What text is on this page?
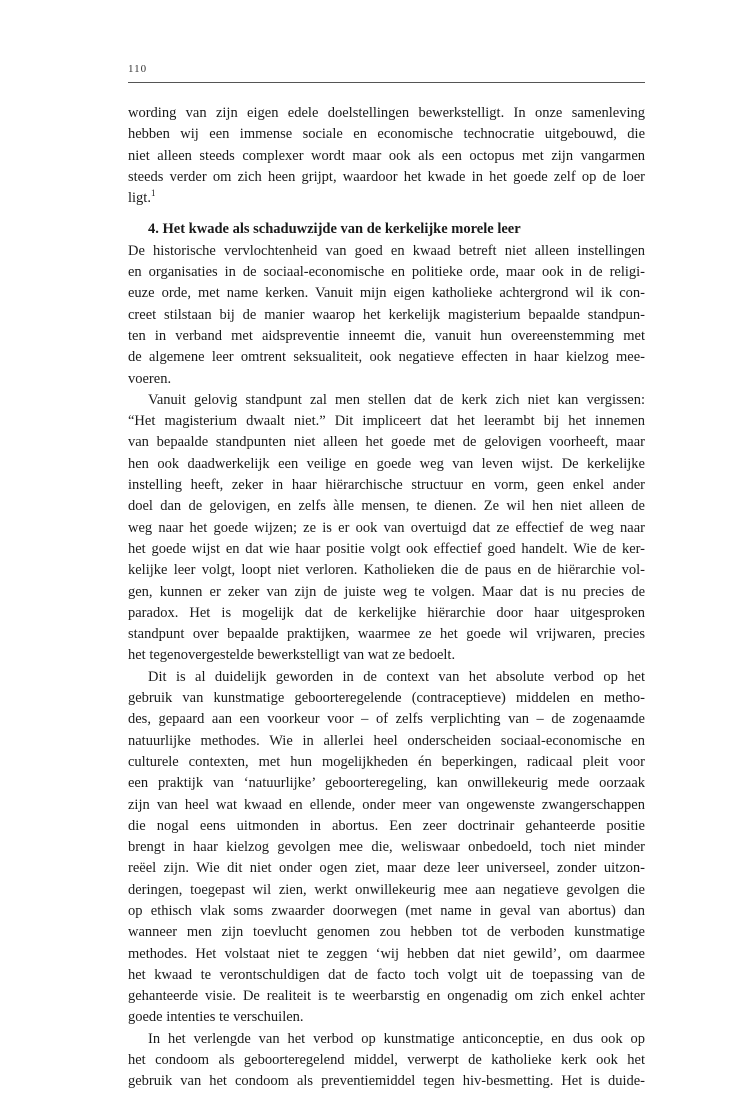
110
wording van zijn eigen edele doelstellingen bewerkstelligt. In onze samenleving
hebben wij een immense sociale en economische technocratie uitgebouwd, die
niet alleen steeds complexer wordt maar ook als een octopus met zijn vangarmen
steeds verder om zich heen grijpt, waardoor het kwade in het goede zelf op de loer
ligt.$^1$
4. Het kwade als schaduwzijde van de kerkelijke morele leer
De historische vervlochtenheid van goed en kwaad betreft niet alleen instellingen
en organisaties in de sociaal-economische en politieke orde, maar ook in de religi-
euze orde, met name kerken. Vanuit mijn eigen katholieke achtergrond wil ik con-
creet stilstaan bij de manier waarop het kerkelijk magisterium bepaalde standpun-
ten in verband met aidspreventie inneemt die, vanuit hun overeenstemming met
de algemene leer omtrent seksualiteit, ook negatieve effecten in haar kielzog mee-
voeren.
Vanuit gelovig standpunt zal men stellen dat de kerk zich niet kan vergissen:
“Het magisterium dwaalt niet.” Dit impliceert dat het leerambt bij het innemen
van bepaalde standpunten niet alleen het goede met de gelovigen voorheeft, maar
hen ook daadwerkelijk een veilige en goede weg van leven wijst. De kerkelijke
instelling heeft, zeker in haar hiërarchische structuur en vorm, geen enkel ander
doel dan de gelovigen, en zelfs àlle mensen, te dienen. Ze wil hen niet alleen de
weg naar het goede wijzen; ze is er ook van overtuigd dat ze effectief de weg naar
het goede wijst en dat wie haar positie volgt ook effectief goed handelt. Wie de ker-
kelijke leer volgt, loopt niet verloren. Katholieken die de paus en de hiërarchie vol-
gen, kunnen er zeker van zijn de juiste weg te volgen. Maar dat is nu precies de
paradox. Het is mogelijk dat de kerkelijke hiërarchie door haar uitgesproken
standpunt over bepaalde praktijken, waarmee ze het goede wil vrijwaren, precies
het tegenovergestelde bewerkstelligt van wat ze bedoelt.
Dit is al duidelijk geworden in de context van het absolute verbod op het
gebruik van kunstmatige geboorteregelende (contraceptieve) middelen en metho-
des, gepaard aan een voorkeur voor – of zelfs verplichting van – de zogenaamde
natuurlijke methodes. Wie in allerlei heel onderscheiden sociaal-economische en
culturele contexten, met hun mogelijkheden én beperkingen, radicaal pleit voor
een praktijk van ‘natuurlijke’ geboorteregeling, kan onwillekeurig mede oorzaak
zijn van heel wat kwaad en ellende, onder meer van ongewenste zwangerschappen
die nogal eens uitmonden in abortus. Een zeer doctrinair gehanteerde positie
brengt in haar kielzog gevolgen mee die, weliswaar onbedoeld, toch niet minder
reëel zijn. Wie dit niet onder ogen ziet, maar deze leer universeel, zonder uitzon-
deringen, toegepast wil zien, werkt onwillekeurig mee aan negatieve gevolgen die
op ethisch vlak soms zwaarder doorwegen (met name in geval van abortus) dan
wanneer men zijn toevlucht genomen zou hebben tot de verboden kunstmatige
methodes. Het volstaat niet te zeggen ‘wij hebben dat niet gewild’, om daarmee
het kwaad te verontschuldigen dat de facto toch volgt uit de toepassing van de
gehanteerde visie. De realiteit is te weerbarstig en ongenadig om zich enkel achter
goede intenties te verschuilen.
In het verlengde van het verbod op kunstmatige anticonceptie, en dus ook op
het condoom als geboorteregelend middel, verwerpt de katholieke kerk ook het
gebruik van het condoom als preventiemiddel tegen hiv-besmetting. Het is duide-
